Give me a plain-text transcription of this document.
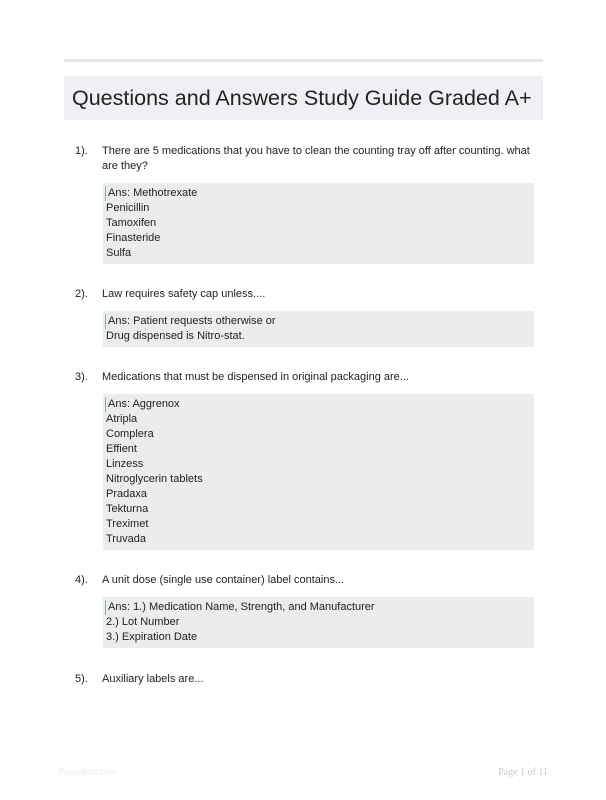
Questions and Answers Study Guide Graded A+
1). There are 5 medications that you have to clean the counting tray off after counting. what are they?
Ans: Methotrexate
Penicillin
Tamoxifen
Finasteride
Sulfa
2). Law requires safety cap unless....
Ans: Patient requests otherwise or
Drug dispensed is Nitro-stat.
3). Medications that must be dispensed in original packaging are...
Ans: Aggrenox
Atripla
Complera
Effient
Linzess
Nitroglycerin tablets
Pradaxa
Tekturna
Treximet
Truvada
4). A unit dose (single use container) label contains...
Ans: 1.) Medication Name, Strength, and Manufacturer
2.) Lot Number
3.) Expiration Date
5). Auxiliary labels are...
PaperBibl.com	Page 1 of 11
